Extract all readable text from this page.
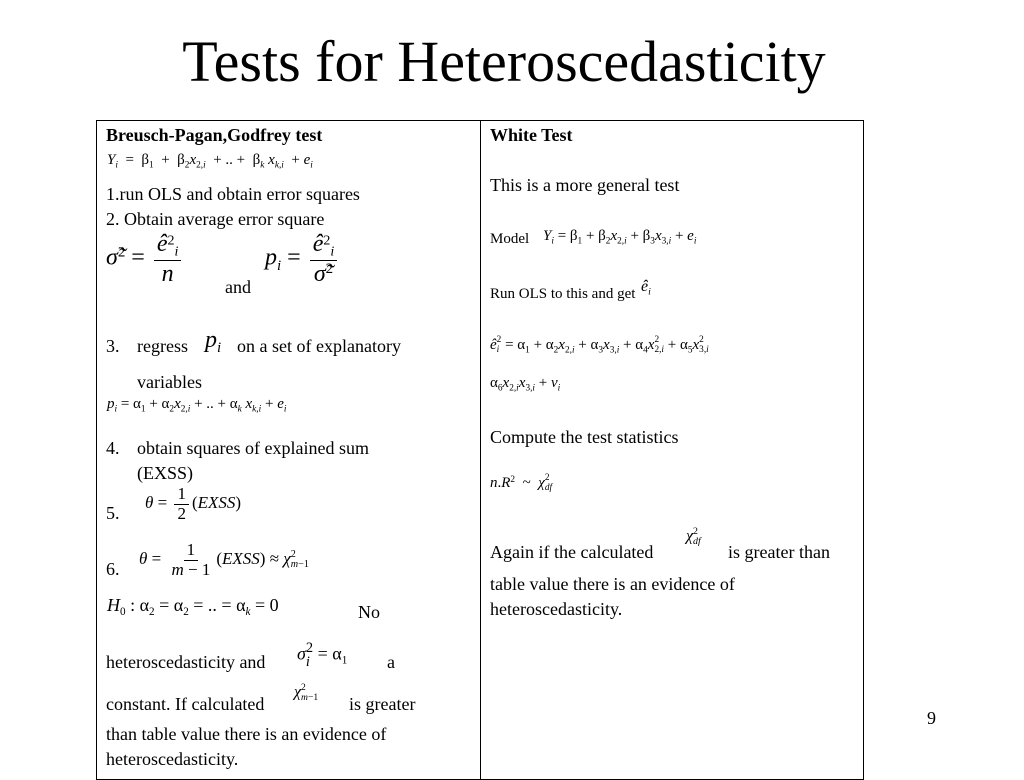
Tests for Heteroscedasticity
Breusch-Pagan,Godfrey test
$Y_i = \beta_1 + \beta_2x_{2,i}$  + .. +  $\beta_k$ $x_{k,i} + e_i$
1.run OLS and obtain error squares
2. Obtain average error square
σ̃$^2$ = $\frac{ê^2_i}{n}$ and
$p_i = \frac{ê^2_i}{\sigmã^2}$
3. regress $p_i$ on a set of explanatory
variables
$p_i = \alpha_1 + \alpha_2x_{2,i}$ + .. + $\alpha_k$ $x_{k,i} + e_i$
4. obtain squares of explained sum
(EXSS)
5.
$\theta = \frac{1}{2}$ (EXSS)
6.
$\theta = \frac{1}{m - 1}$ (EXSS) ≈ χ2
m−1
$H_0$ : $\alpha_2 = \alpha_2$ = .. = $\alpha_k = 0$	No
heteroscedasticity and σ2
$i = \alpha_1$ a
constant. If calculated
χ2
m−1 is greater
than table value there is an evidence of
heteroscedasticity.
White Test
This is a more general test
Model $Y_i = \beta_1 + \beta_2x_{2,i} + \beta_3x_{3,i} + e_i$
Run OLS to this and get $ê_i$
ê2
$i = \alpha_1 + \alpha_2x_{2,i} + \alpha_3x_{3,i} + \alpha_4x2$
$2,i + \alpha_5x2$
3,i
$\alpha_6x_{2,i}x_{3,i} + v_i$
Compute the test statistics
$n.R^2$  ~  χ2
df
Again if the calculated
χ2
df
is greater than
table value there is an evidence of
heteroscedasticity.
9
